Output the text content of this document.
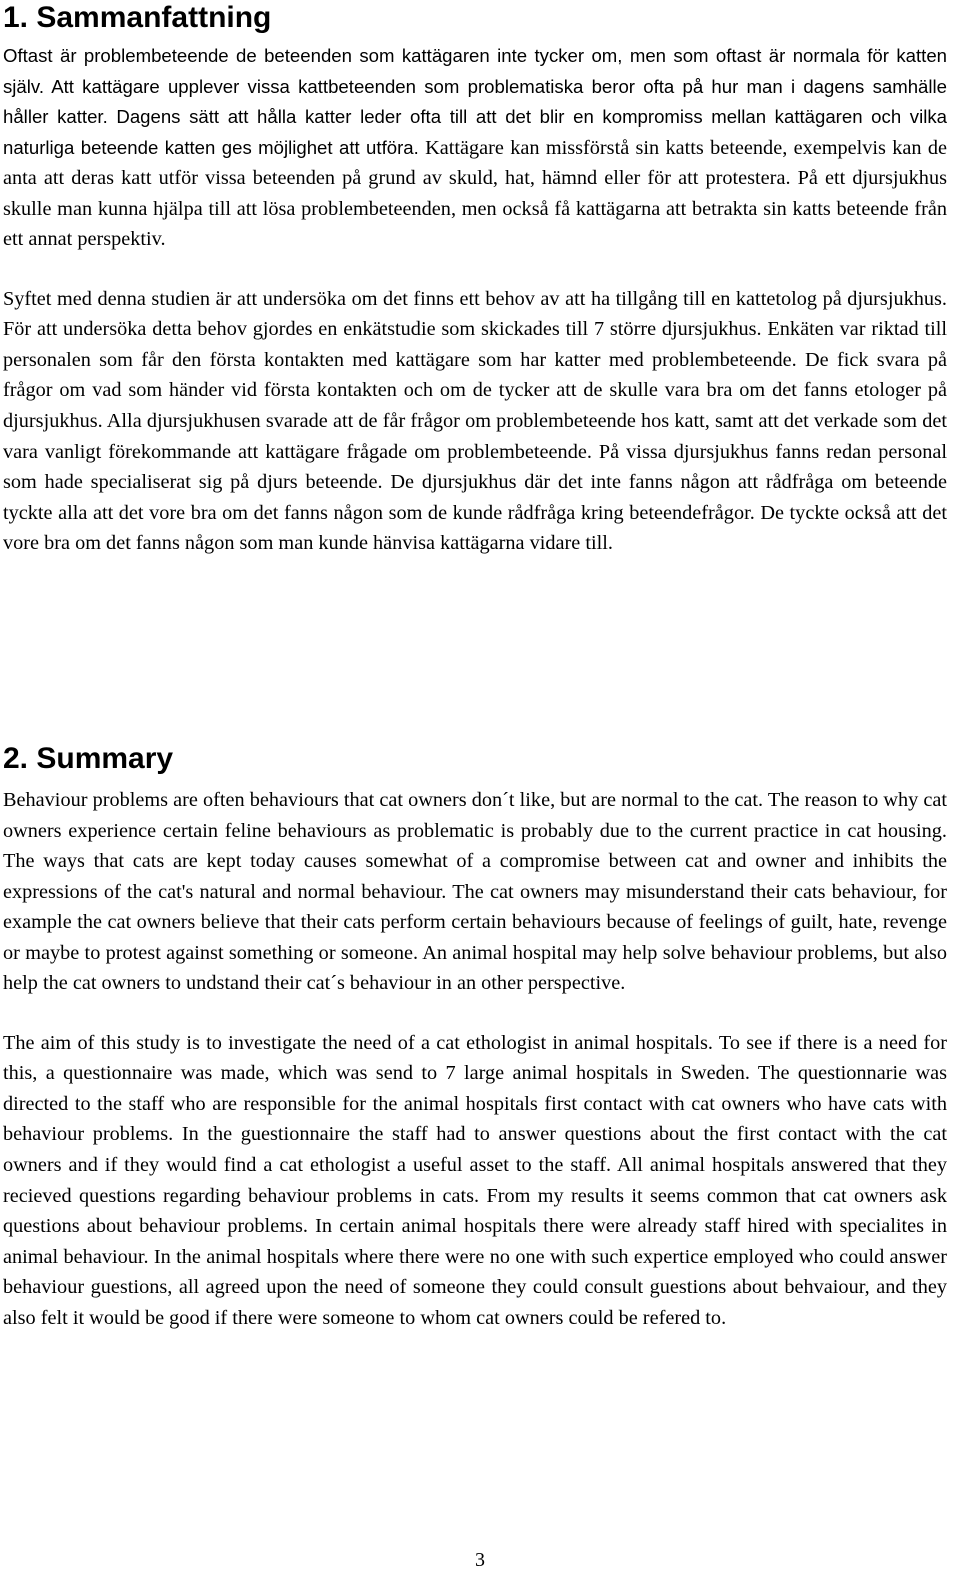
1. Sammanfattning

Oftast är problembeteende de beteenden som kattägaren inte tycker om, men som oftast är normala för katten själv. Att kattägare upplever vissa kattbeteenden som problematiska beror ofta på hur man i dagens samhälle håller katter. Dagens sätt att hålla katter leder ofta till att det blir en kompromiss mellan kattägaren och vilka naturliga beteende katten ges möjlighet att utföra. Kattägare kan missförstå sin katts beteende, exempelvis kan de anta att deras katt utför vissa beteenden på grund av skuld, hat, hämnd eller för att protestera. På ett djursjukhus skulle man kunna hjälpa till att lösa problembeteenden, men också få kattägarna att betrakta sin katts beteende från ett annat perspektiv.

Syftet med denna studien är att undersöka om det finns ett behov av att ha tillgång till en kattetolog på djursjukhus. För att undersöka detta behov gjordes en enkätstudie som skickades till 7 större djursjukhus. Enkäten var riktad till personalen som får den första kontakten med kattägare som har katter med problembeteende. De fick svara på frågor om vad som händer vid första kontakten och om de tycker att de skulle vara bra om det fanns etologer på djursjukhus. Alla djursjukhusen svarade att de får frågor om problembeteende hos katt, samt att det verkade som det vara vanligt förekommande att kattägare frågade om problembeteende. På vissa djursjukhus fanns redan personal som hade specialiserat sig på djurs beteende. De djursjukhus där det inte fanns någon att rådfråga om beteende tyckte alla att det vore bra om det fanns någon som de kunde rådfråga kring beteendefrågor. De tyckte också att det vore bra om det fanns någon som man kunde hänvisa kattägarna vidare till.

2. Summary

Behaviour problems are often behaviours that cat owners don´t like, but are normal to the cat. The reason to why cat owners experience certain feline behaviours as problematic is probably due to the current practice in cat housing. The ways that cats are kept today causes somewhat of a compromise between cat and owner and inhibits the expressions of the cat's natural and normal behaviour. The cat owners may misunderstand their cats behaviour, for example the cat owners believe that their cats perform certain behaviours because of feelings of guilt, hate, revenge or maybe to protest against something or someone. An animal hospital may help solve behaviour problems, but also help the cat owners to undstand their cat´s behaviour in an other perspective.

The aim of this study is to investigate the need of a cat ethologist in animal hospitals. To see if there is a need for this, a questionnaire was made, which was send to 7 large animal hospitals in Sweden. The questionnarie was directed to the staff who are responsible for the animal hospitals first contact with cat owners who have cats with behaviour problems. In the guestionnaire the staff had to answer questions about the first contact with the cat owners and if they would find a cat ethologist a useful asset to the staff. All animal hospitals answered that they recieved questions regarding behaviour problems in cats. From my results it seems common that cat owners ask questions about behaviour problems. In certain animal hospitals there were already staff hired with specialites in animal behaviour. In the animal hospitals where there were no one with such expertice employed who could answer behaviour guestions, all agreed upon the need of someone they could consult guestions about behvaiour, and they also felt it would be good if there were someone to whom cat owners could be refered to.

3
